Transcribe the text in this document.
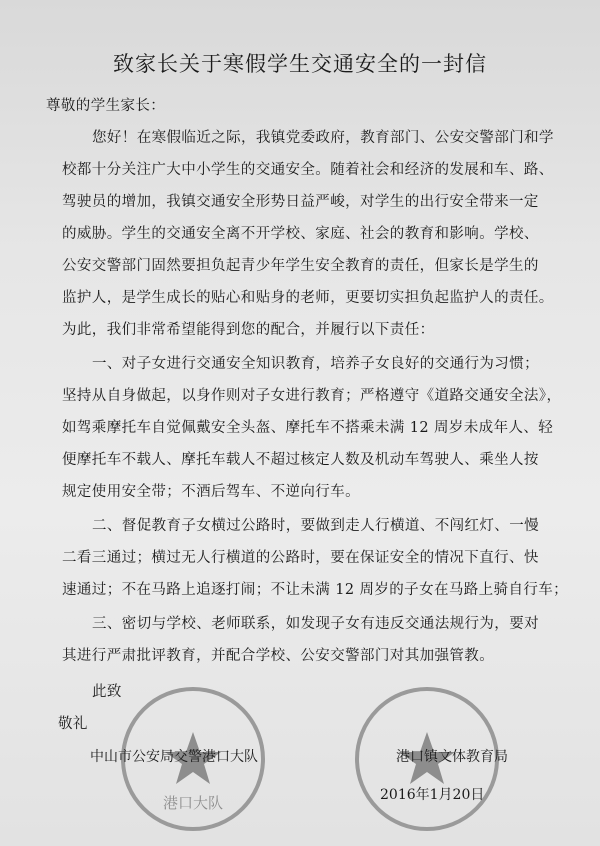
致家长关于寒假学生交通安全的一封信
尊敬的学生家长：
您好！在寒假临近之际，我镇党委政府，教育部门、公安交警部门和学
校都十分关注广大中小学生的交通安全。随着社会和经济的发展和车、路、
驾驶员的增加，我镇交通安全形势日益严峻，对学生的出行安全带来一定
的威胁。学生的交通安全离不开学校、家庭、社会的教育和影响。学校、
公安交警部门固然要担负起青少年学生安全教育的责任，但家长是学生的
监护人，是学生成长的贴心和贴身的老师，更要切实担负起监护人的责任。
为此，我们非常希望能得到您的配合，并履行以下责任：
一、对子女进行交通安全知识教育，培养子女良好的交通行为习惯；
坚持从自身做起，以身作则对子女进行教育；严格遵守《道路交通安全法》，
如驾乘摩托车自觉佩戴安全头盔、摩托车不搭乘未满 12 周岁未成年人、轻
便摩托车不载人、摩托车载人不超过核定人数及机动车驾驶人、乘坐人按
规定使用安全带；不酒后驾车、不逆向行车。
二、督促教育子女横过公路时，要做到走人行横道、不闯红灯、一慢
二看三通过；横过无人行横道的公路时，要在保证安全的情况下直行、快
速通过；不在马路上追逐打闹；不让未满 12 周岁的子女在马路上骑自行车；
三、密切与学校、老师联系，如发现子女有违反交通法规行为，要对
其进行严肃批评教育，并配合学校、公安交警部门对其加强管教。
此致
敬礼
港口大队
中山市公安局交警港口大队	港口镇文体教育局
2016年1月20日
